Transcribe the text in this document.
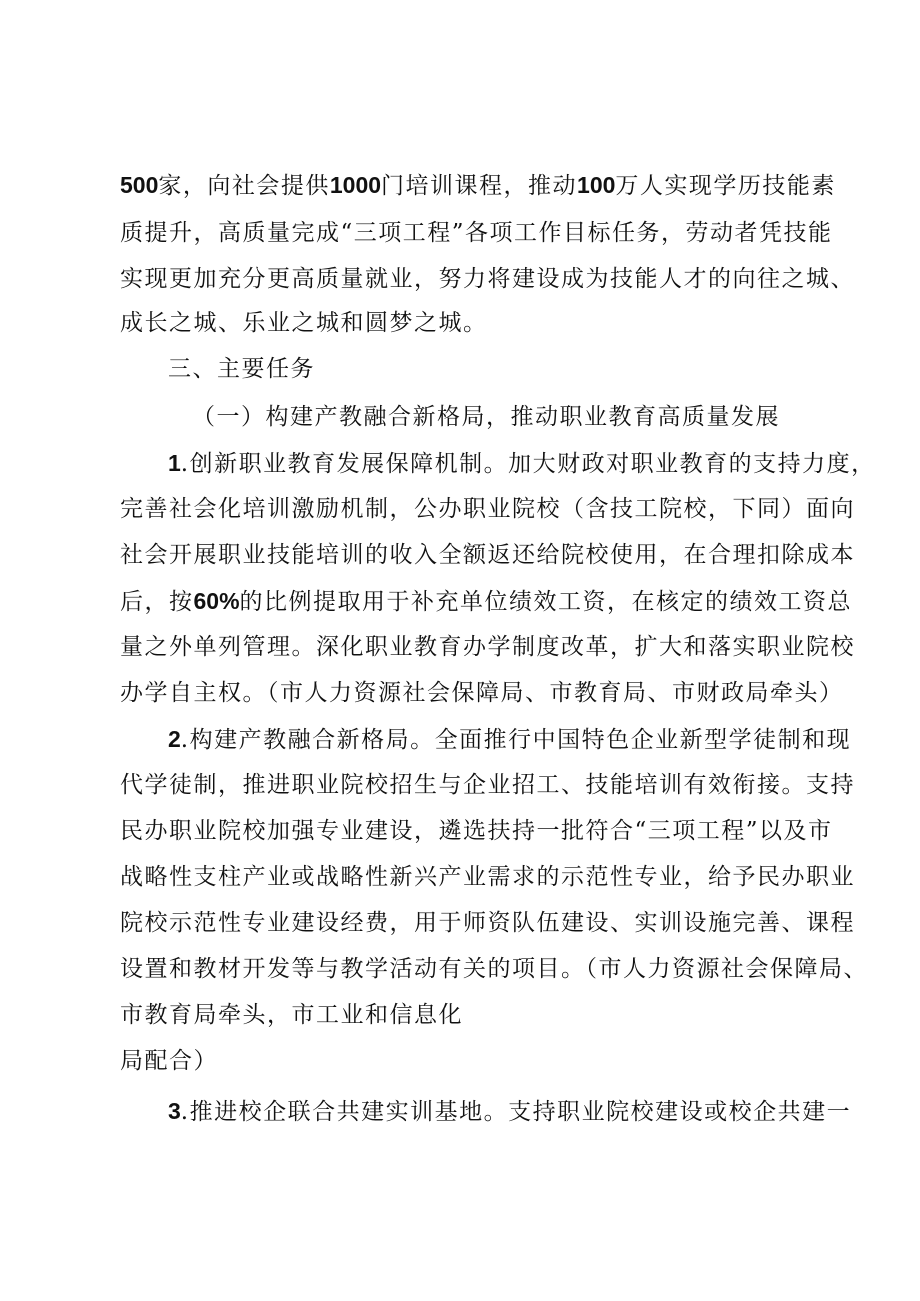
500家，向社会提供1000门培训课程，推动100万人实现学历技能素
质提升，高质量完成“三项工程”各项工作目标任务，劳动者凭技能
实现更加充分更高质量就业，努力将建设成为技能人才的向往之城、
成长之城、乐业之城和圆梦之城。
三、主要任务
（一）构建产教融合新格局，推动职业教育高质量发展
1.创新职业教育发展保障机制。加大财政对职业教育的支持力度，
完善社会化培训激励机制，公办职业院校（含技工院校，下同）面向
社会开展职业技能培训的收入全额返还给院校使用，在合理扣除成本
后，按60%的比例提取用于补充单位绩效工资，在核定的绩效工资总
量之外单列管理。深化职业教育办学制度改革，扩大和落实职业院校
办学自主权。（市人力资源社会保障局、市教育局、市财政局牵头）
2.构建产教融合新格局。全面推行中国特色企业新型学徒制和现
代学徒制，推进职业院校招生与企业招工、技能培训有效衔接。支持
民办职业院校加强专业建设，遴选扶持一批符合“三项工程”以及市
战略性支柱产业或战略性新兴产业需求的示范性专业，给予民办职业
院校示范性专业建设经费，用于师资队伍建设、实训设施完善、课程
设置和教材开发等与教学活动有关的项目。（市人力资源社会保障局、
市教育局牵头，市工业和信息化
局配合）
3.推进校企联合共建实训基地。支持职业院校建设或校企共建一
